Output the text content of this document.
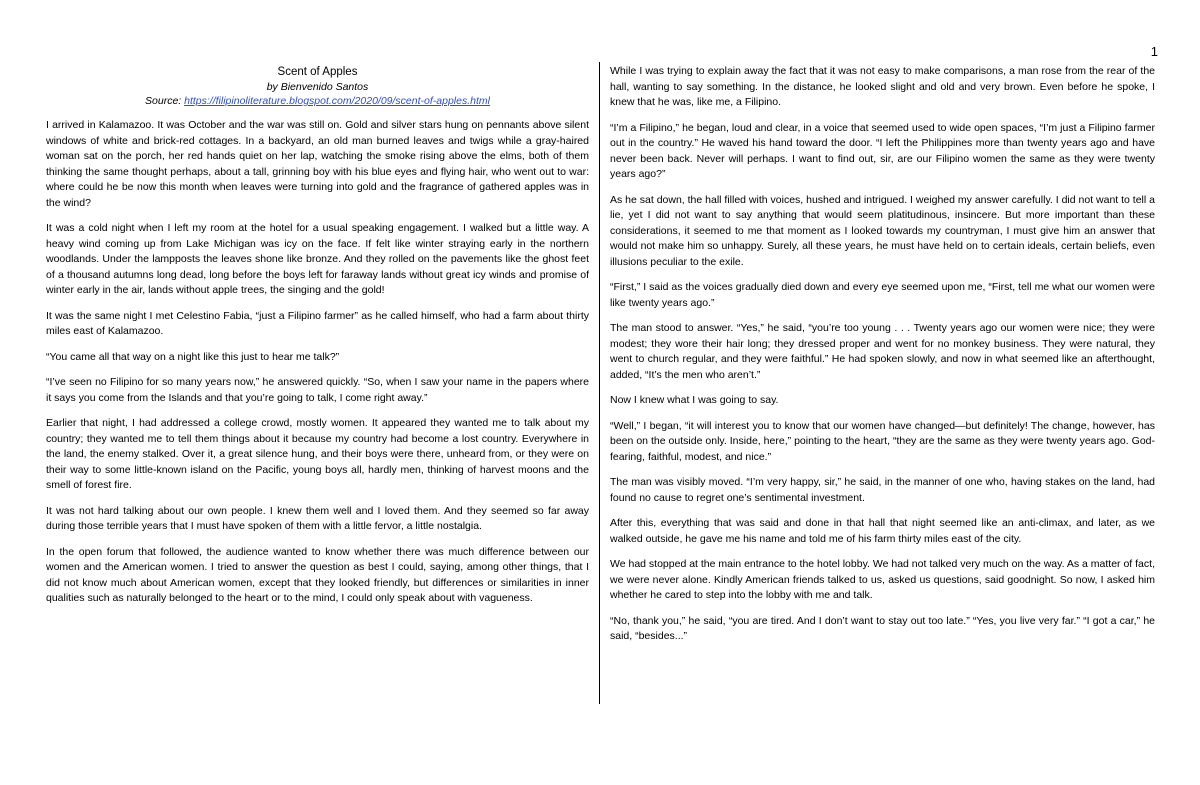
1
Scent of Apples
by Bienvenido Santos
Source: https://filipinoliterature.blogspot.com/2020/09/scent-of-apples.html

I arrived in Kalamazoo. It was October and the war was still on. Gold and silver stars hung on pennants above silent windows of white and brick-red cottages. In a backyard, an old man burned leaves and twigs while a gray-haired woman sat on the porch, her red hands quiet on her lap, watching the smoke rising above the elms, both of them thinking the same thought perhaps, about a tall, grinning boy with his blue eyes and flying hair, who went out to war: where could he be now this month when leaves were turning into gold and the fragrance of gathered apples was in the wind?

It was a cold night when I left my room at the hotel for a usual speaking engagement. I walked but a little way. A heavy wind coming up from Lake Michigan was icy on the face. If felt like winter straying early in the northern woodlands. Under the lampposts the leaves shone like bronze. And they rolled on the pavements like the ghost feet of a thousand autumns long dead, long before the boys left for faraway lands without great icy winds and promise of winter early in the air, lands without apple trees, the singing and the gold!

It was the same night I met Celestino Fabia, “just a Filipino farmer” as he called himself, who had a farm about thirty miles east of Kalamazoo.

“You came all that way on a night like this just to hear me talk?”

“I’ve seen no Filipino for so many years now,” he answered quickly. “So, when I saw your name in the papers where it says you come from the Islands and that you’re going to talk, I come right away.”

Earlier that night, I had addressed a college crowd, mostly women. It appeared they wanted me to talk about my country; they wanted me to tell them things about it because my country had become a lost country. Everywhere in the land, the enemy stalked. Over it, a great silence hung, and their boys were there, unheard from, or they were on their way to some little-known island on the Pacific, young boys all, hardly men, thinking of harvest moons and the smell of forest fire.

It was not hard talking about our own people. I knew them well and I loved them. And they seemed so far away during those terrible years that I must have spoken of them with a little fervor, a little nostalgia.

In the open forum that followed, the audience wanted to know whether there was much difference between our women and the American women. I tried to answer the question as best I could, saying, among other things, that I did not know much about American women, except that they looked friendly, but differences or similarities in inner qualities such as naturally belonged to the heart or to the mind, I could only speak about with vagueness.

While I was trying to explain away the fact that it was not easy to make comparisons, a man rose from the rear of the hall, wanting to say something. In the distance, he looked slight and old and very brown. Even before he spoke, I knew that he was, like me, a Filipino.

“I’m a Filipino,” he began, loud and clear, in a voice that seemed used to wide open spaces, “I’m just a Filipino farmer out in the country.” He waved his hand toward the door. “I left the Philippines more than twenty years ago and have never been back. Never will perhaps. I want to find out, sir, are our Filipino women the same as they were twenty years ago?”

As he sat down, the hall filled with voices, hushed and intrigued. I weighed my answer carefully. I did not want to tell a lie, yet I did not want to say anything that would seem platitudinous, insincere. But more important than these considerations, it seemed to me that moment as I looked towards my countryman, I must give him an answer that would not make him so unhappy. Surely, all these years, he must have held on to certain ideals, certain beliefs, even illusions peculiar to the exile.

“First,” I said as the voices gradually died down and every eye seemed upon me, “First, tell me what our women were like twenty years ago.”

The man stood to answer. “Yes,” he said, “you’re too young . . . Twenty years ago our women were nice; they were modest; they wore their hair long; they dressed proper and went for no monkey business. They were natural, they went to church regular, and they were faithful.” He had spoken slowly, and now in what seemed like an afterthought, added, “It’s the men who aren’t.”

Now I knew what I was going to say.

“Well,” I began, “it will interest you to know that our women have changed—but definitely! The change, however, has been on the outside only. Inside, here,” pointing to the heart, “they are the same as they were twenty years ago. God-fearing, faithful, modest, and nice.”

The man was visibly moved. “I’m very happy, sir,” he said, in the manner of one who, having stakes on the land, had found no cause to regret one’s sentimental investment.

After this, everything that was said and done in that hall that night seemed like an anti-climax, and later, as we walked outside, he gave me his name and told me of his farm thirty miles east of the city.

We had stopped at the main entrance to the hotel lobby. We had not talked very much on the way. As a matter of fact, we were never alone. Kindly American friends talked to us, asked us questions, said goodnight. So now, I asked him whether he cared to step into the lobby with me and talk.

“No, thank you,” he said, “you are tired. And I don’t want to stay out too late.” “Yes, you live very far.” “I got a car,” he said, “besides...”
